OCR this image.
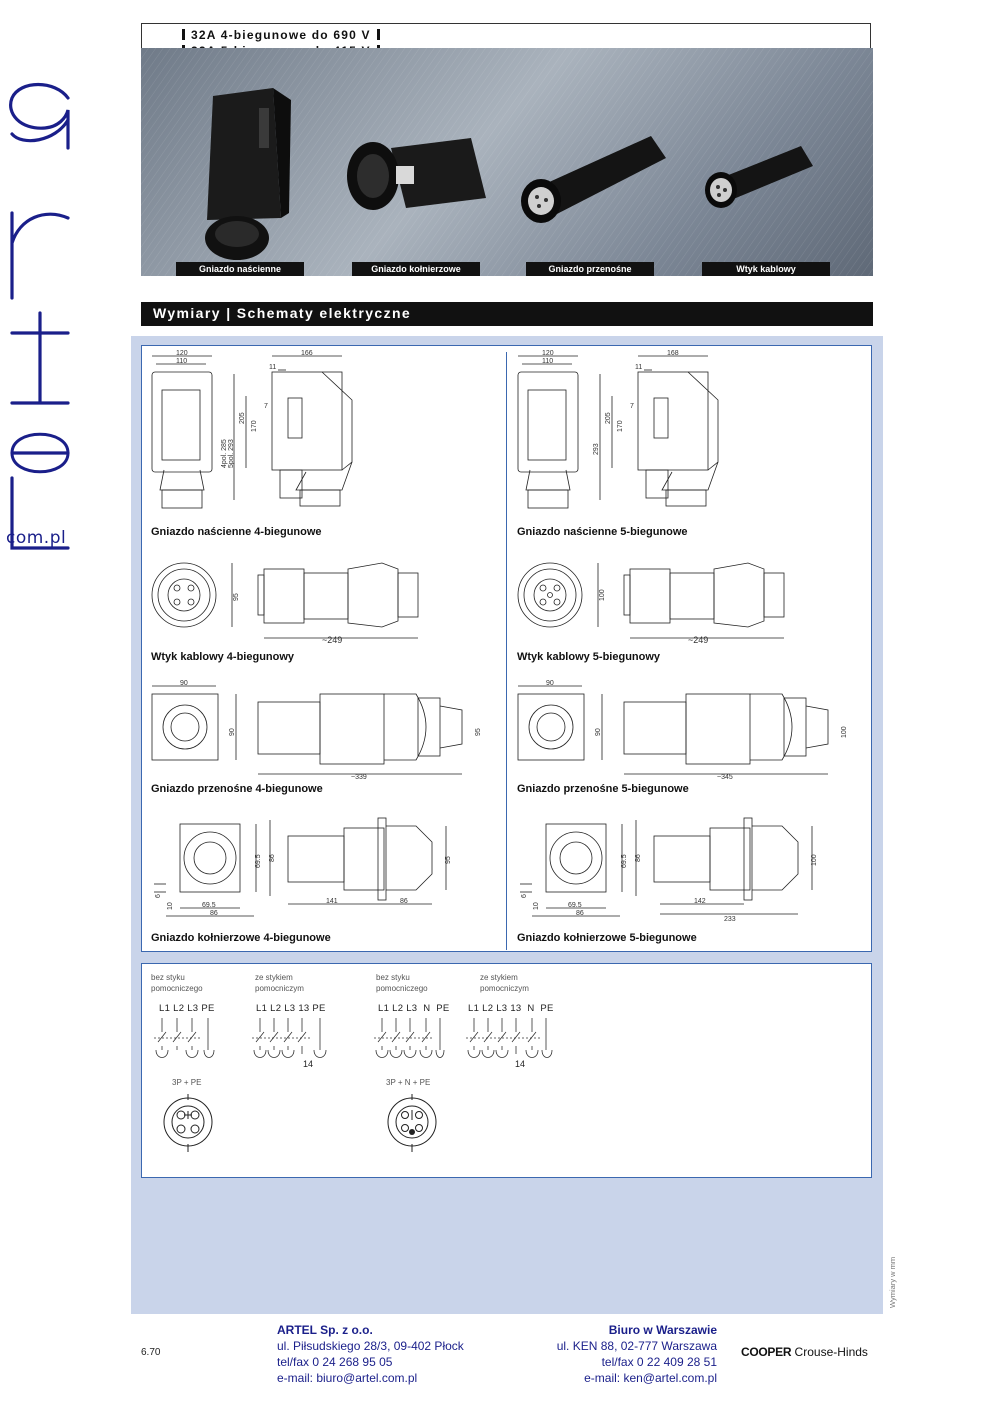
com.pl
32A 4-biegunowe do 690 V
Gniazdo naścienne	Gniazdo kołnierzowe	Gniazdo przenośne	Wtyk kablowy
Wymiary | Schematy elektryczne
120
110
166
11
7
205
170
4pol. 285 5pol. 293
Gniazdo naścienne 4-biegunowe
120
110
168
11
7
205
170
293
Gniazdo naścienne 5-biegunowe
95
~249
Wtyk kablowy 4-biegunowy
100
~249
Wtyk kablowy 5-biegunowy
90
90	95
~339
Gniazdo przenośne 4-biegunowe
90
90	100
~345
Gniazdo przenośne 5-biegunowe
69.5 86	95
6
10	69.5
86
141	86
Gniazdo kołnierzowe 4-biegunowe
69.5 86	100
6
10	69.5
86
142
233
Gniazdo kołnierzowe 5-biegunowe
bez styku
pomocniczego
ze stykiem
pomocniczym
bez styku
pomocniczego
ze stykiem
pomocniczym
L1 L2 L3 PE	L1 L2 L3 13 PE	L1 L2 L3  N  PE L1 L2 L3 13  N  PE
14	14
3P + PE	3P + N + PE
Wymiary w mm
6.70
ARTEL Sp. z o.o.
ul. Piłsudskiego 28/3, 09-402 Płock
tel/fax 0 24 268 95 05
e-mail: biuro@artel.com.pl
Biuro w Warszawie
ul. KEN 88, 02-777 Warszawa
tel/fax 0 22 409 28 51
e-mail: ken@artel.com.pl
COOPER Crouse-Hinds
